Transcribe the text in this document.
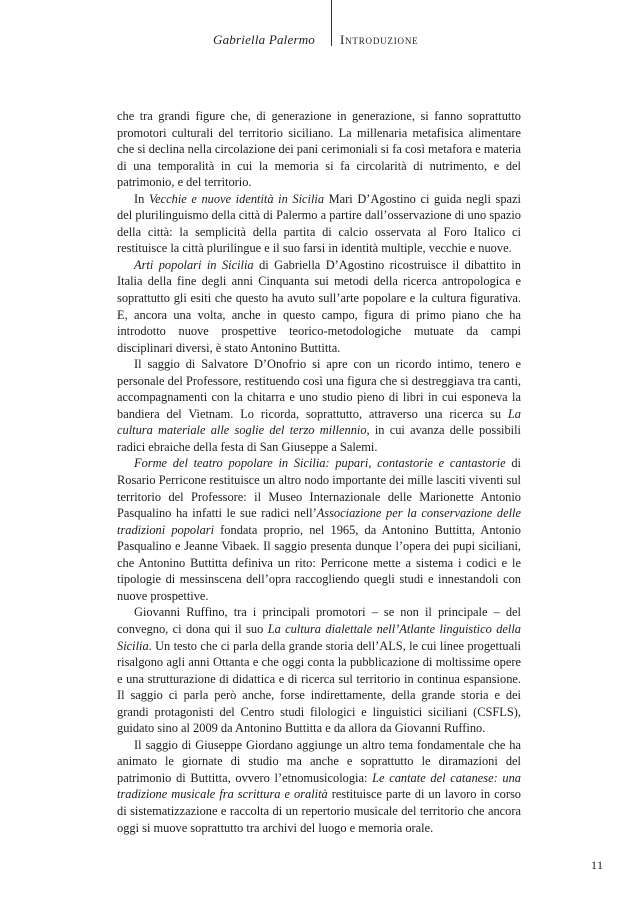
Gabriella Palermo Introduzione

che tra grandi figure che, di generazione in generazione, si fanno soprattutto promotori culturali del territorio siciliano. La millenaria metafisica alimentare che si declina nella circolazione dei pani cerimoniali si fa così metafora e materia di una temporalità in cui la memoria si fa circolarità di nutrimento, e del patrimonio, e del territorio.

In Vecchie e nuove identità in Sicilia Mari D’Agostino ci guida negli spazi del plurilinguismo della città di Palermo a partire dall’osservazione di uno spazio della città: la semplicità della partita di calcio osservata al Foro Italico ci restituisce la città plurilingue e il suo farsi in identità multiple, vecchie e nuove.

Arti popolari in Sicilia di Gabriella D’Agostino ricostruisce il dibattito in Italia della fine degli anni Cinquanta sui metodi della ricerca antropologica e soprattutto gli esiti che questo ha avuto sull’arte popolare e la cultura figurativa. E, ancora una volta, anche in questo campo, figura di primo piano che ha introdotto nuove prospettive teorico-metodologiche mutuate da campi disciplinari diversi, è stato Antonino Buttitta.

Il saggio di Salvatore D’Onofrio si apre con un ricordo intimo, tenero e personale del Professore, restituendo così una figura che si destreggiava tra canti, accompagnamenti con la chitarra e uno studio pieno di libri in cui esponeva la bandiera del Vietnam. Lo ricorda, soprattutto, attraverso una ricerca su La cultura materiale alle soglie del terzo millennio, in cui avanza delle possibili radici ebraiche della festa di San Giuseppe a Salemi.

Forme del teatro popolare in Sicilia: pupari, contastorie e cantastorie di Rosario Perricone restituisce un altro nodo importante dei mille lasciti viventi sul territorio del Professore: il Museo Internazionale delle Marionette Antonio Pasqualino ha infatti le sue radici nell’Associazione per la conservazione delle tradizioni popolari fondata proprio, nel 1965, da Antonino Buttitta, Antonio Pasqualino e Jeanne Vibaek. Il saggio presenta dunque l’opera dei pupi siciliani, che Antonino Buttitta definiva un rito: Perricone mette a sistema i codici e le tipologie di messinscena dell’opra raccogliendo quegli studi e innestandoli con nuove prospettive.

Giovanni Ruffino, tra i principali promotori – se non il principale – del convegno, ci dona qui il suo La cultura dialettale nell’Atlante linguistico della Sicilia. Un testo che ci parla della grande storia dell’ALS, le cui linee progettuali risalgono agli anni Ottanta e che oggi conta la pubblicazione di moltissime opere e una strutturazione di didattica e di ricerca sul territorio in continua espansione. Il saggio ci parla però anche, forse indirettamente, della grande storia e dei grandi protagonisti del Centro studi filologici e linguistici siciliani (CSFLS), guidato sino al 2009 da Antonino Buttitta e da allora da Giovanni Ruffino.

Il saggio di Giuseppe Giordano aggiunge un altro tema fondamentale che ha animato le giornate di studio ma anche e soprattutto le diramazioni del patrimonio di Buttitta, ovvero l’etnomusicologia: Le cantate del catanese: una tradizione musicale fra scrittura e oralità restituisce parte di un lavoro in corso di sistematizzazione e raccolta di un repertorio musicale del territorio che ancora oggi si muove soprattutto tra archivi del luogo e memoria orale.

11
